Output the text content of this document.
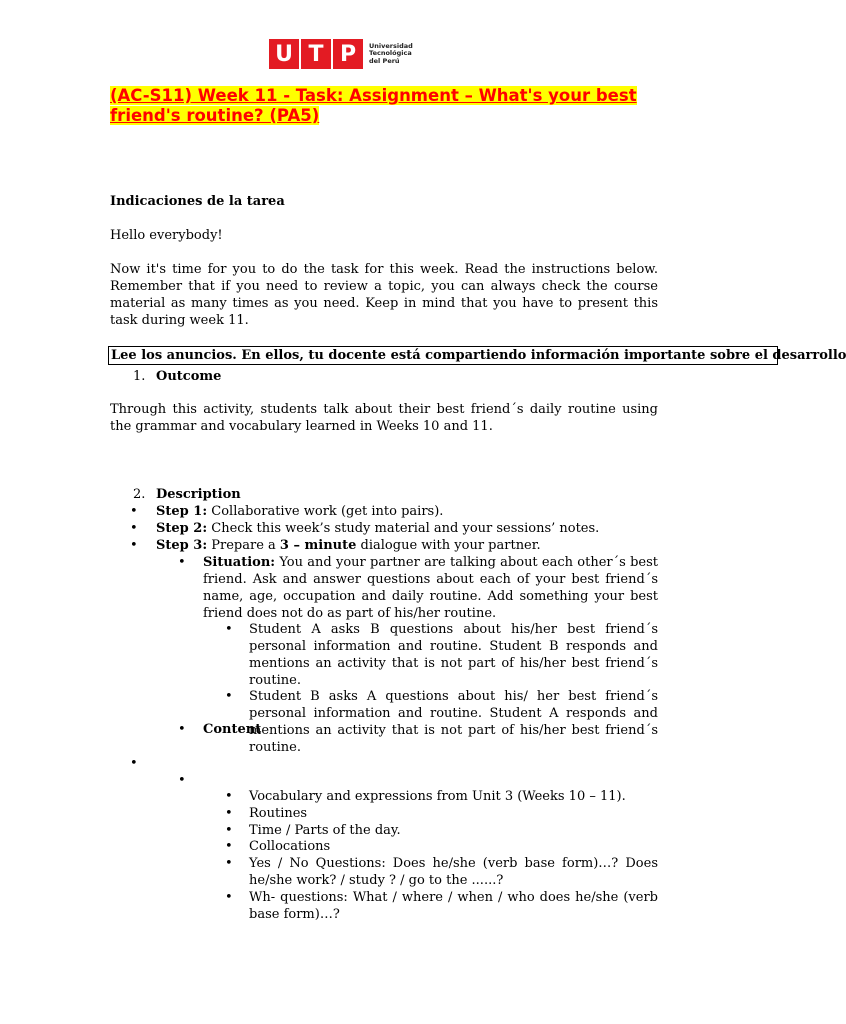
U T P	Universidad
Tecnológica
del Perú
(AC-S11) Week 11 - Task: Assignment – What's your best friend's routine? (PA5)
Indicaciones de la tarea
Hello everybody!
Now it's time for you to do the task for this week. Read the instructions below. Remember that if you need to review a topic, you can always check the course material as many times as you need. Keep in mind that you have to present this task during week 11.
Lee los anuncios. En ellos, tu docente está compartiendo información importante sobre el desarrollo
1. Outcome
Through this activity, students talk about their best friend´s daily routine using the grammar and vocabulary learned in Weeks 10 and 11.
2. Description
• Step 1: Collaborative work (get into pairs).
• Step 2: Check this week’s study material and your sessions’ notes.
• Step 3: Prepare a 3 – minute dialogue with your partner.
• Situation: You and your partner are talking about each other´s best friend. Ask and answer questions about each of your best friend´s name, age, occupation and daily routine. Add something your best friend does not do as part of his/her routine.
• Student A asks B questions about his/her best friend´s personal information and routine. Student B responds and mentions an activity that is not part of his/her best friend´s routine.
• Student B asks A questions about his/ her best friend´s personal information and routine. Student A responds and mentions an activity that is not part of his/her best friend´s routine.
• Content
•
•
• Vocabulary and expressions from Unit 3 (Weeks 10 – 11).
• Routines
• Time / Parts of the day.
• Collocations
• Yes / No Questions: Does he/she (verb base form)…? Does he/she work? / study ? / go to the ......?
• Wh- questions: What / where / when / who does he/she (verb base form)…?
